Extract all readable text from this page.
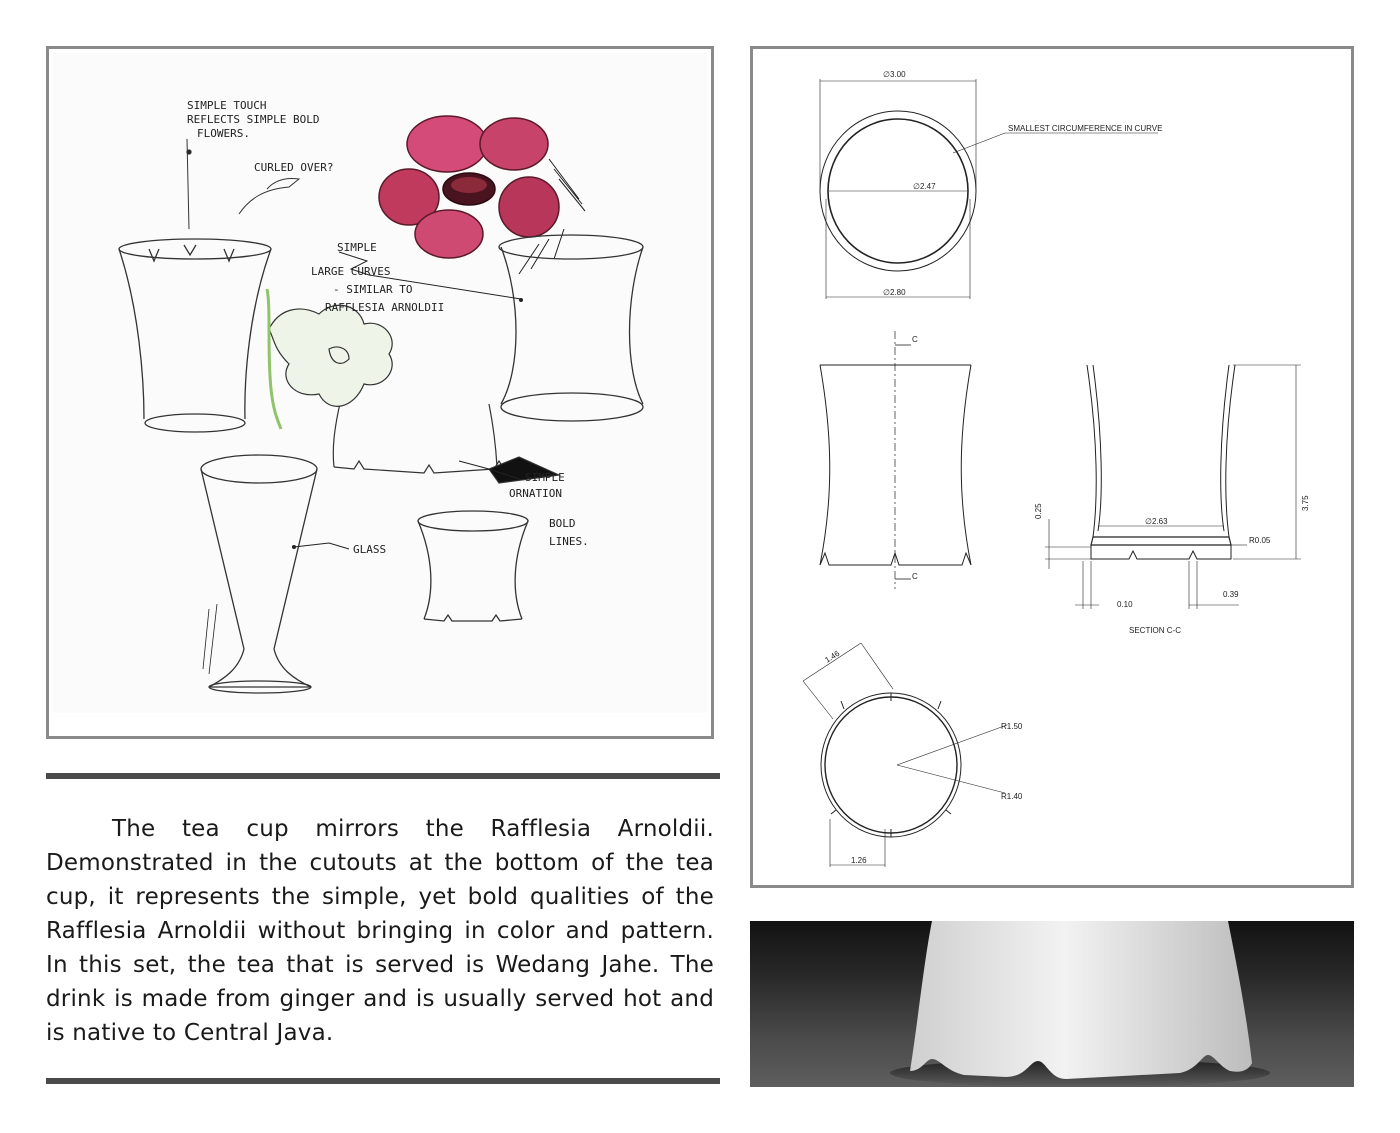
SIMPLE TOUCH
REFLECTS SIMPLE BOLD
FLOWERS.
CURLED OVER?
SIMPLE
LARGE CURVES
- SIMILAR TO
RAFFLESIA ARNOLDII
SIMPLE
ORNATION
GLASS
BOLD
LINES.
∅3.00
∅2.47
∅2.80
SMALLEST CIRCUMFERENCE IN CURVE
C
C
∅2.63
0.25
3.75
R0.05
0.10
0.39
SECTION C-C
1.46
R1.50
R1.40
1.26

The tea cup mirrors the Rafflesia Arnoldii. Demonstrated in the cutouts at the bottom of the tea cup, it represents the simple, yet bold qualities of the Rafflesia Arnoldii without bringing in color and pattern. In this set, the tea that is served is Wedang Jahe. The drink is made from ginger and is usually served hot and is native to Central Java.
